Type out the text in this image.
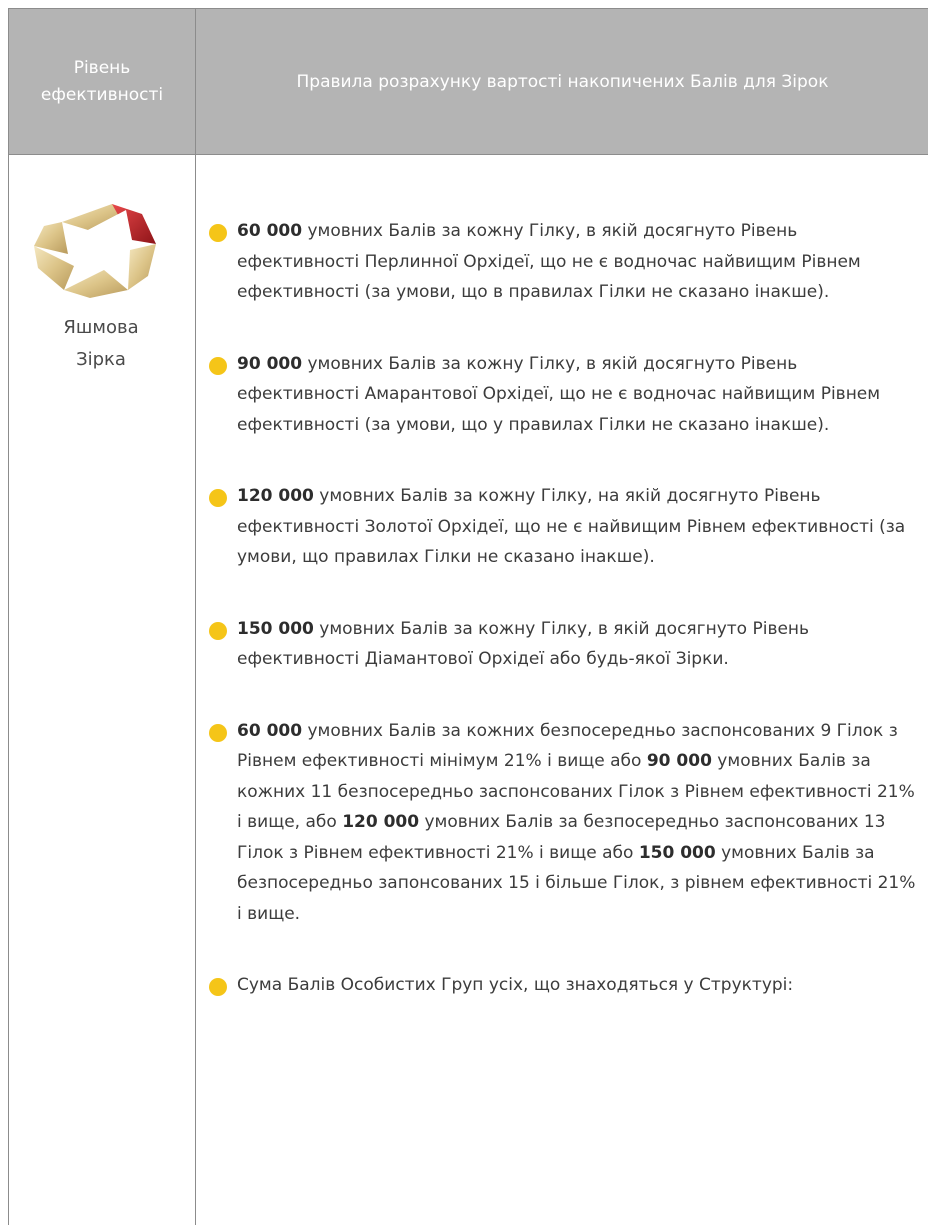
Рівень
ефективності
Правила розрахунку вартості накопичених Балів для Зірок
Яшмова
Зірка
60 000 умовних Балів за кожну Гілку, в якій досягнуто Рівень ефективності Перлинної Орхідеї, що не є водночас найвищим Рівнем ефективності (за умови, що в правилах Гілки не сказано інакше).
90 000 умовних Балів за кожну Гілку, в якій досягнуто Рівень ефективності Амарантової Орхідеї, що не є водночас найвищим Рівнем ефективності (за умови, що у правилах Гілки не сказано інакше).
120 000 умовних Балів за кожну Гілку, на якій досягнуто Рівень ефективності Золотої Орхідеї, що не є найвищим Рівнем ефективності (за умови, що правилах Гілки не сказано інакше).
150 000 умовних Балів за кожну Гілку, в якій досягнуто Рівень ефективності Діамантової Орхідеї або будь-якої Зірки.
60 000 умовних Балів за кожних безпосередньо заспонсованих 9 Гілок з Рівнем ефективності мінімум 21% і вище або 90 000 умовних Балів за кожних 11 безпосередньо заспонсованих Гілок з Рівнем ефективності 21% і вище, або 120 000 умовних Балів за безпосередньо заспонсованих 13 Гілок з Рівнем ефективності 21% і вище або 150 000 умовних Балів за безпосередньо запонсованих 15 і більше Гілок, з рівнем ефективності 21% і вище.
Сума Балів Особистих Груп усіх, що знаходяться у Структурі:
